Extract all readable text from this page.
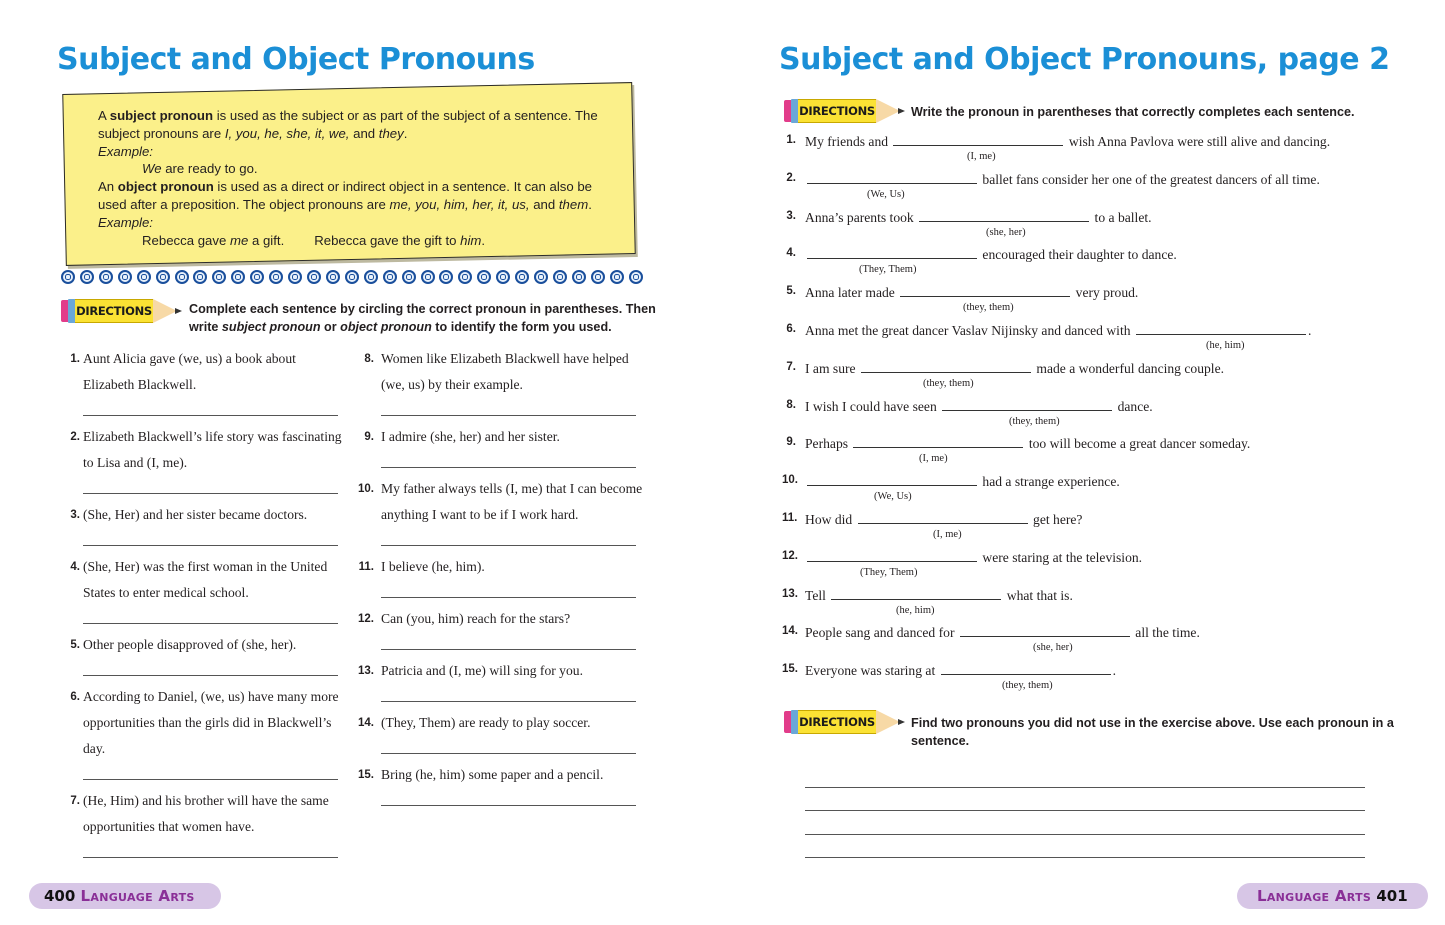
Subject and Object Pronouns
A subject pronoun is used as the subject or as part of the subject of a sentence. The subject pronouns are I, you, he, she, it, we, and they.
Example:
We are ready to go.
An object pronoun is used as a direct or indirect object in a sentence. It can also be used after a preposition. The object pronouns are me, you, him, her, it, us, and them.
Example:
Rebecca gave me a gift. Rebecca gave the gift to him.
DIRECTIONS	Complete each sentence by circling the correct pronoun in parentheses. Then
write subject pronoun or object pronoun to identify the form you used.
1. Aunt Alicia gave (we, us) a book about Elizabeth Blackwell.
2. Elizabeth Blackwell’s life story was fascinating to Lisa and (I, me).
3. (She, Her) and her sister became doctors.
4. (She, Her) was the first woman in the United States to enter medical school.
5. Other people disapproved of (she, her).
6. According to Daniel, (we, us) have many more opportunities than the girls did in Blackwell’s day.
7. (He, Him) and his brother will have the same opportunities that women have.
8. Women like Elizabeth Blackwell have helped (we, us) by their example.
9. I admire (she, her) and her sister.
10. My father always tells (I, me) that I can become anything I want to be if I work hard.
11. I believe (he, him).
12. Can (you, him) reach for the stars?
13. Patricia and (I, me) will sing for you.
14. (They, Them) are ready to play soccer.
15. Bring (he, him) some paper and a pencil.
400 Language Arts
Subject and Object Pronouns, page 2
DIRECTIONS	Write the pronoun in parentheses that correctly completes each sentence.
1. My friends and	wish Anna Pavlova were still alive and dancing.
(I, me)
2.	ballet fans consider her one of the greatest dancers of all time.
(We, Us)
3. Anna’s parents took	to a ballet.
(she, her)
4.	encouraged their daughter to dance.
(They, Them)
5. Anna later made	very proud.
(they, them)
6. Anna met the great dancer Vaslav Nijinsky and danced with	.
(he, him)
7. I am sure	made a wonderful dancing couple.
(they, them)
8. I wish I could have seen	dance.
(they, them)
9. Perhaps	too will become a great dancer someday.
(I, me)
10.	had a strange experience.
(We, Us)
11. How did	get here?
(I, me)
12.	were staring at the television.
(They, Them)
13. Tell	what that is.
(he, him)
14. People sang and danced for	all the time.
(she, her)
15. Everyone was staring at	.
(they, them)
DIRECTIONS	Find two pronouns you did not use in the exercise above. Use each pronoun in a
sentence.
Language Arts 401
